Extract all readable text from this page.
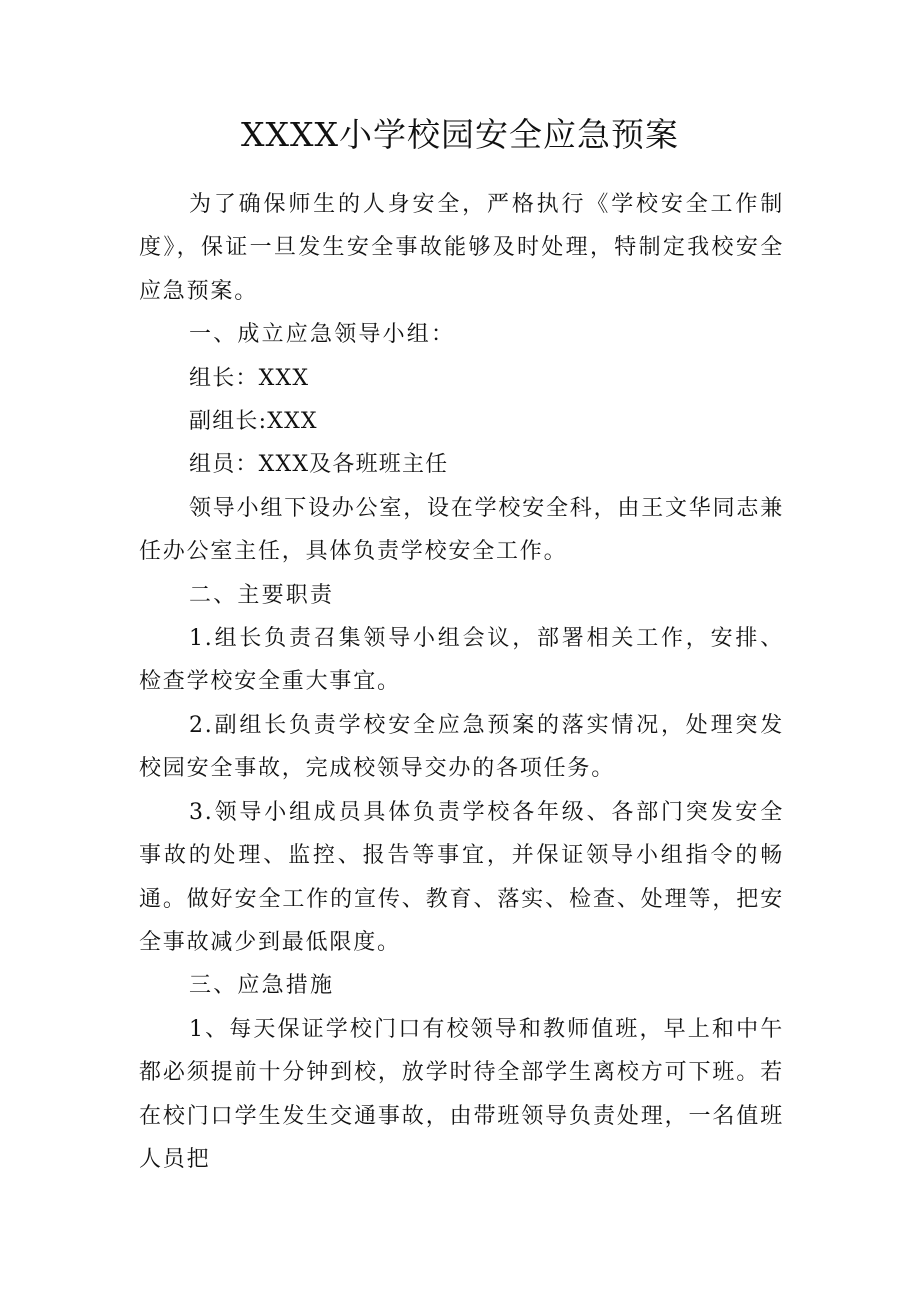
XXXX小学校园安全应急预案

为了确保师生的人身安全，严格执行《学校安全工作制度》，保证一旦发生安全事故能够及时处理，特制定我校安全应急预案。

一、成立应急领导小组：

组长：XXX

副组长:XXX

组员：XXX及各班班主任

领导小组下设办公室，设在学校安全科，由王文华同志兼任办公室主任，具体负责学校安全工作。

二、主要职责

1.组长负责召集领导小组会议，部署相关工作，安排、检查学校安全重大事宜。

2.副组长负责学校安全应急预案的落实情况，处理突发校园安全事故，完成校领导交办的各项任务。

3.领导小组成员具体负责学校各年级、各部门突发安全事故的处理、监控、报告等事宜，并保证领导小组指令的畅通。做好安全工作的宣传、教育、落实、检查、处理等，把安全事故减少到最低限度。

三、应急措施

1、每天保证学校门口有校领导和教师值班，早上和中午都必须提前十分钟到校，放学时待全部学生离校方可下班。若在校门口学生发生交通事故，由带班领导负责处理，一名值班人员把
